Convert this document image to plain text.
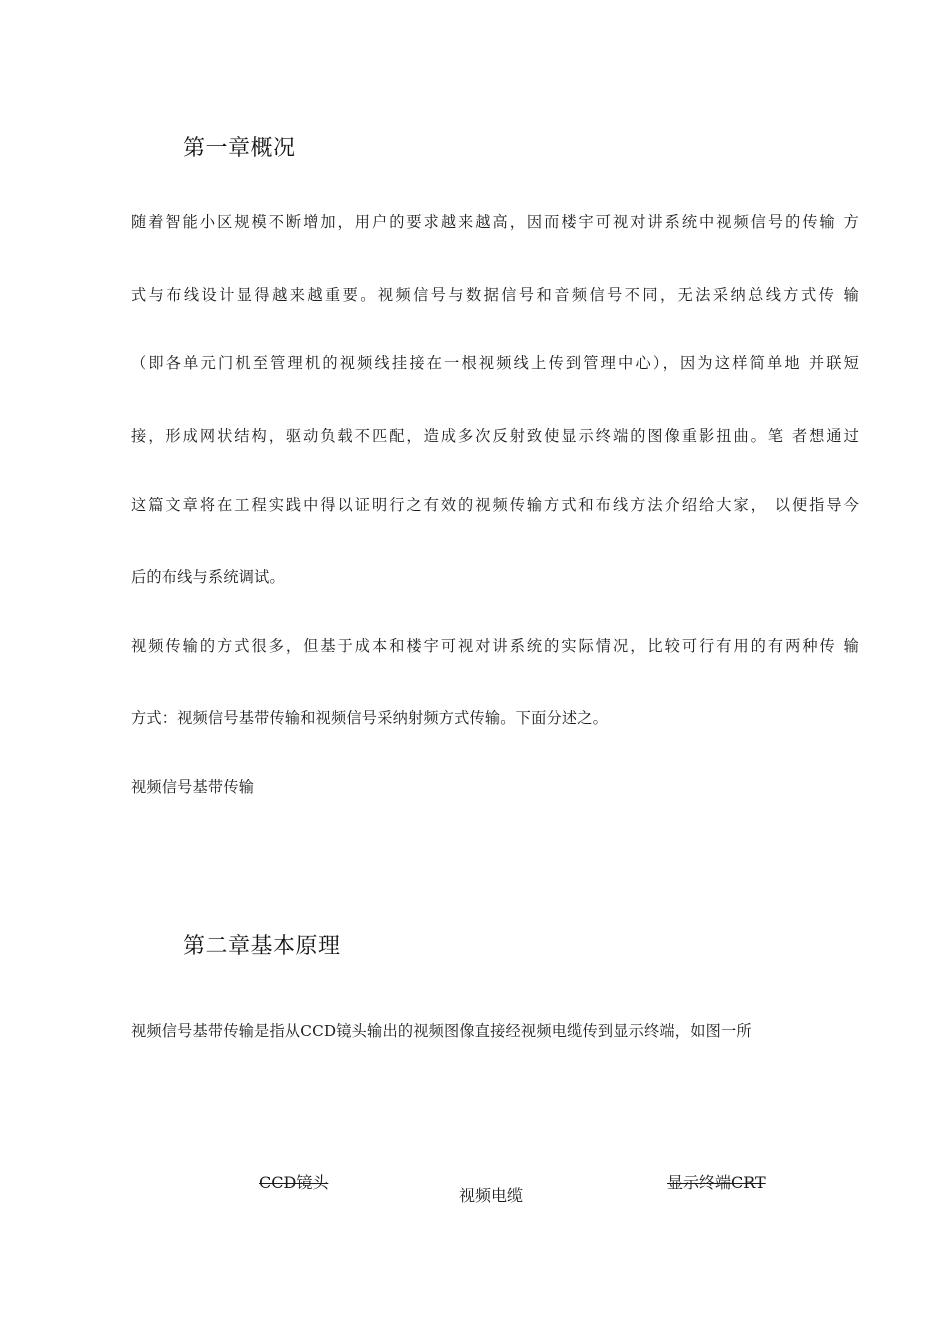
第一章概况
随着智能小区规模不断增加，用户的要求越来越高，因而楼宇可视对讲系统中视频信号的传输 方
式与布线设计显得越来越重要。视频信号与数据信号和音频信号不同，无法采纳总线方式传 输
（即各单元门机至管理机的视频线挂接在一根视频线上传到管理中心），因为这样简单地 并联短
接，形成网状结构，驱动负载不匹配，造成多次反射致使显示终端的图像重影扭曲。笔 者想通过
这篇文章将在工程实践中得以证明行之有效的视频传输方式和布线方法介绍给大家， 以便指导今
后的布线与系统调试。
视频传输的方式很多，但基于成本和楼宇可视对讲系统的实际情况，比较可行有用的有两种传 输
方式：视频信号基带传输和视频信号采纳射频方式传输。下面分述之。
视频信号基带传输
第二章基本原理
视频信号基带传输是指从CCD镜头输出的视频图像直接经视频电缆传到显示终端，如图一所
CCD镜头
视频电缆
显示终端CRT
